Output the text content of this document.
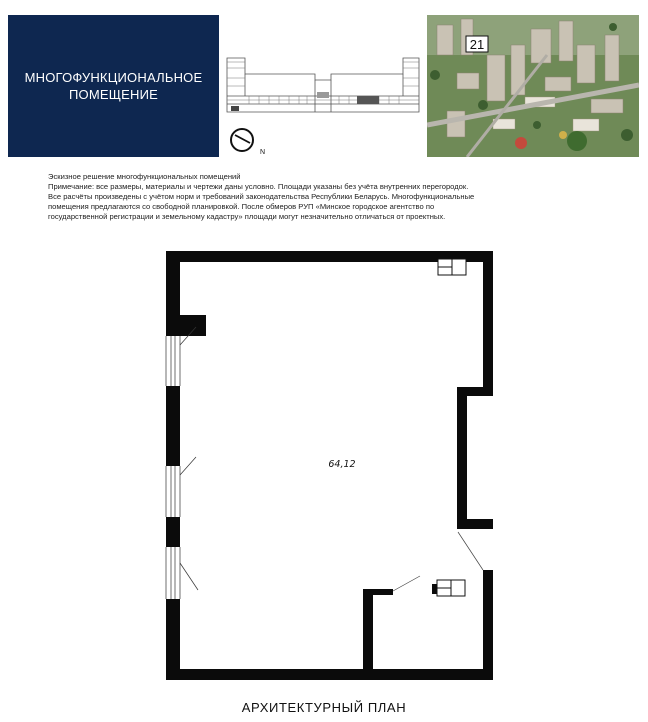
МНОГОФУНКЦИОНАЛЬНОЕ
ПОМЕЩЕНИЕ
N
21
Эскизное решение многофункциональных помещений
Примечание: все размеры, материалы и чертежи даны условно. Площади указаны без учёта внутренних перегородок.
Все расчёты произведены с учётом норм и требований законодательства Республики Беларусь. Многофункциональные
помещения предлагаются со свободной планировкой. После обмеров РУП «Минское городское агентство по
государственной регистрации и земельному кадастру» площади могут незначительно отличаться от проектных.
64,12
АРХИТЕКТУРНЫЙ ПЛАН
